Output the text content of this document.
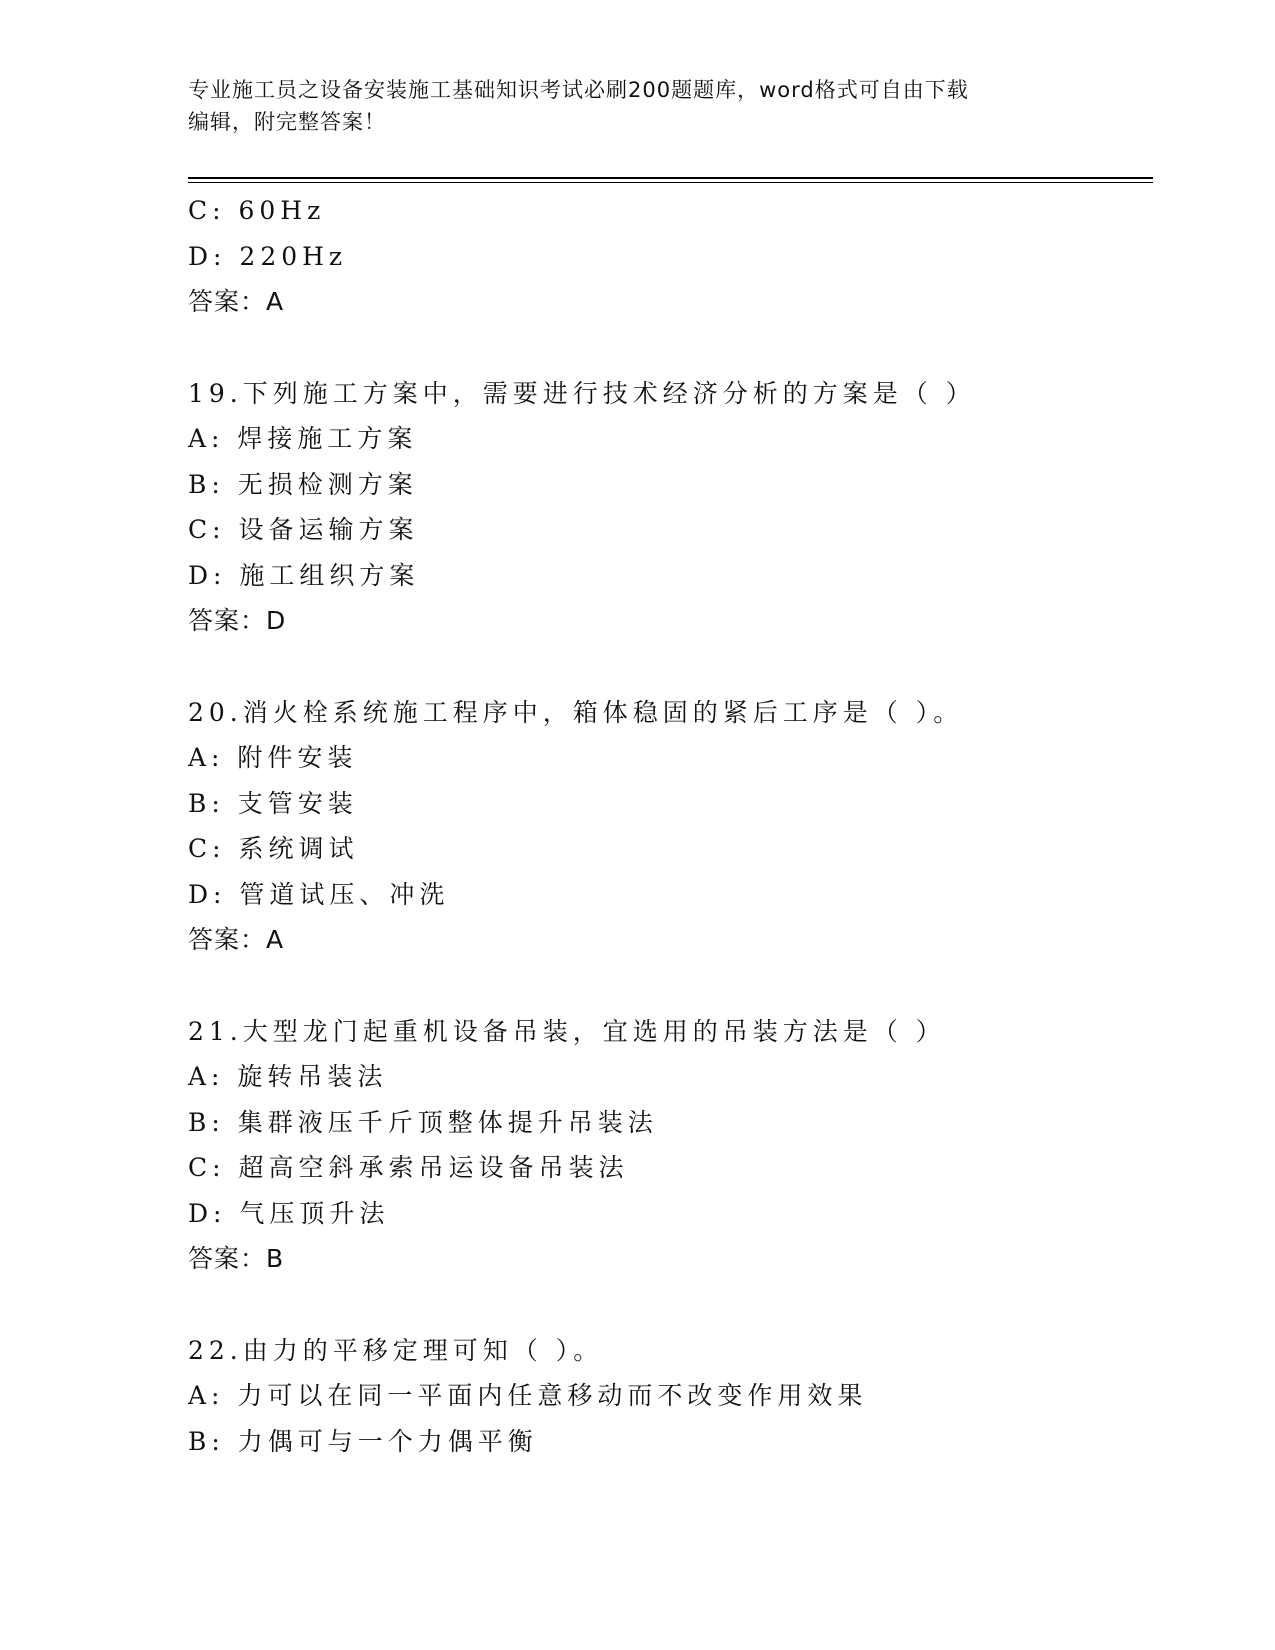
专业施工员之设备安装施工基础知识考试必刷200题题库，word格式可自由下载
编辑，附完整答案！
C: 60Hz
D: 220Hz
答案：A
19.下列施工方案中，需要进行技术经济分析的方案是（ ）
A: 焊接施工方案
B: 无损检测方案
C: 设备运输方案
D: 施工组织方案
答案：D
20.消火栓系统施工程序中，箱体稳固的紧后工序是（ ）。
A: 附件安装
B: 支管安装
C: 系统调试
D: 管道试压、冲洗
答案：A
21.大型龙门起重机设备吊装，宜选用的吊装方法是（ ）
A: 旋转吊装法
B: 集群液压千斤顶整体提升吊装法
C: 超高空斜承索吊运设备吊装法
D: 气压顶升法
答案：B
22.由力的平移定理可知（ ）。
A: 力可以在同一平面内任意移动而不改变作用效果
B: 力偶可与一个力偶平衡
